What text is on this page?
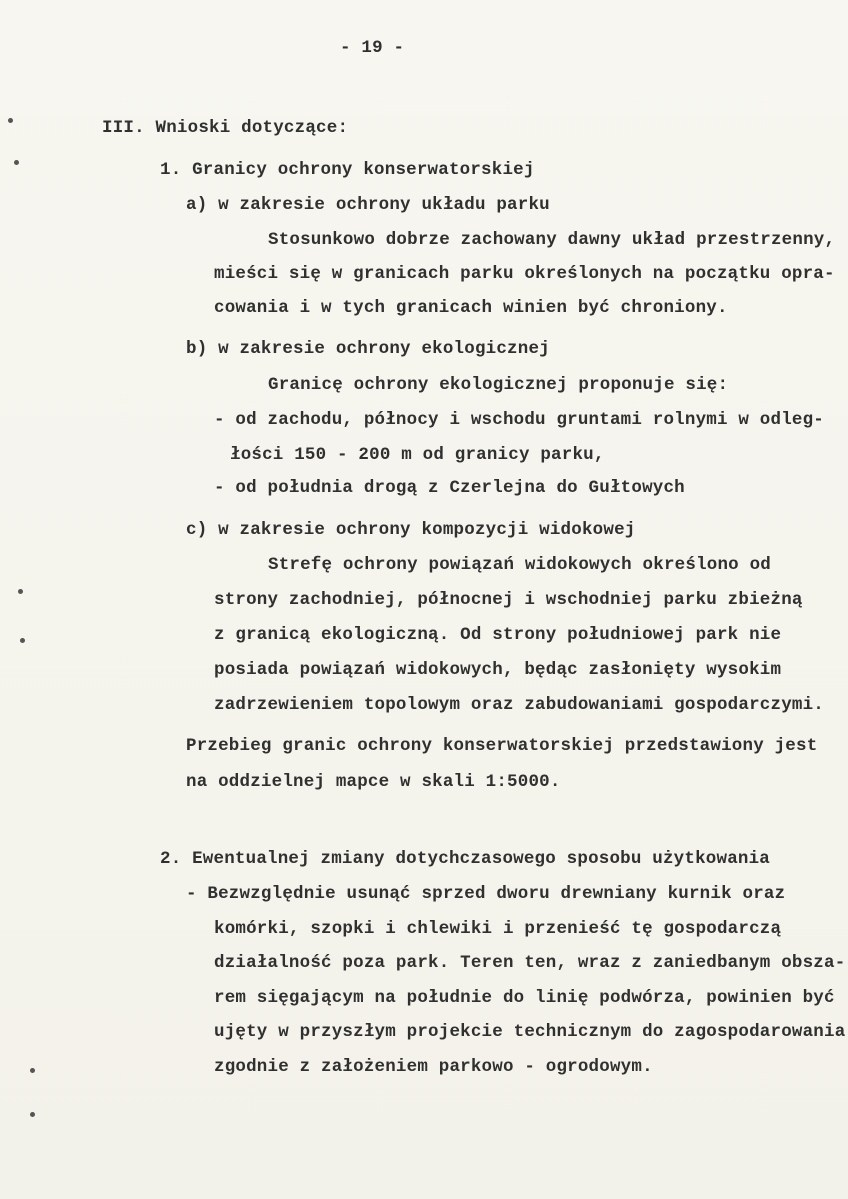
- 19 -
III. Wnioski dotyczące:
1. Granicy ochrony konserwatorskiej
a) w zakresie ochrony układu parku
Stosunkowo dobrze zachowany dawny układ przestrzenny,
mieści się w granicach parku określonych na początku opra-
cowania i w tych granicach winien być chroniony.
b) w zakresie ochrony ekologicznej
Granicę ochrony ekologicznej proponuje się:
- od zachodu, północy i wschodu gruntami rolnymi w odleg-
łości 150 - 200 m od granicy parku,
- od południa drogą z Czerlejna do Gułtowych
c) w zakresie ochrony kompozycji widokowej
Strefę ochrony powiązań widokowych określono od
strony zachodniej, północnej i wschodniej parku zbieżną
z granicą ekologiczną. Od strony południowej park nie
posiada powiązań widokowych, będąc zasłonięty wysokim
zadrzewieniem topolowym oraz zabudowaniami gospodarczymi.
Przebieg granic ochrony konserwatorskiej przedstawiony jest
na oddzielnej mapce w skali 1:5000.
2. Ewentualnej zmiany dotychczasowego sposobu użytkowania
- Bezwzględnie usunąć sprzed dworu drewniany kurnik oraz
komórki, szopki i chlewiki i przenieść tę gospodarczą
działalność poza park. Teren ten, wraz z zaniedbanym obsza-
rem sięgającym na południe do linię podwórza, powinien być
ujęty w przyszłym projekcie technicznym do zagospodarowania
zgodnie z założeniem parkowo - ogrodowym.
